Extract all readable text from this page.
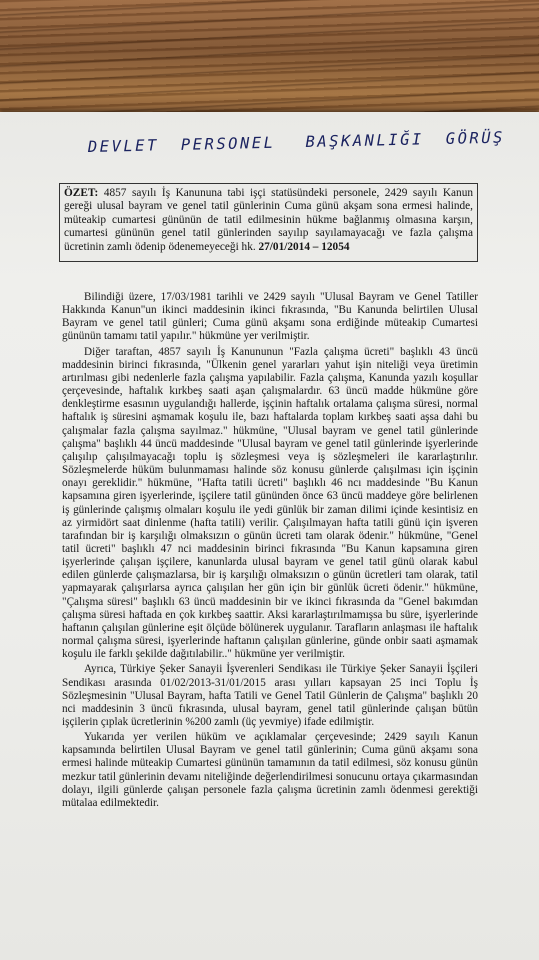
DEVLET PERSONEL BAŞKANLIĞI GÖRÜŞ
ÖZET: 4857 sayılı İş Kanununa tabi işçi statüsündeki personele, 2429 sayılı Kanun gereği ulusal bayram ve genel tatil günlerinin Cuma günü akşam sona ermesi halinde, müteakip cumartesi gününün de tatil edilmesinin hükme bağlanmış olmasına karşın, cumartesi gününün genel tatil günlerinden sayılıp sayılamayacağı ve fazla çalışma ücretinin zamlı ödenip ödenemeyeceği hk. 27/01/2014 – 12054

Bilindiği üzere, 17/03/1981 tarihli ve 2429 sayılı "Ulusal Bayram ve Genel Tatiller Hakkında Kanun"un ikinci maddesinin ikinci fıkrasında, "Bu Kanunda belirtilen Ulusal Bayram ve genel tatil günleri; Cuma günü akşamı sona erdiğinde müteakip Cumartesi gününün tamamı tatil yapılır." hükmüne yer verilmiştir.

Diğer taraftan, 4857 sayılı İş Kanununun "Fazla çalışma ücreti" başlıklı 43 üncü maddesinin birinci fıkrasında, "Ülkenin genel yararları yahut işin niteliği veya üretimin artırılması gibi nedenlerle fazla çalışma yapılabilir. Fazla çalışma, Kanunda yazılı koşullar çerçevesinde, haftalık kırkbeş saati aşan çalışmalardır. 63 üncü madde hükmüne göre denkleştirme esasının uygulandığı hallerde, işçinin haftalık ortalama çalışma süresi, normal haftalık iş süresini aşmamak koşulu ile, bazı haftalarda toplam kırkbeş saati aşsa dahi bu çalışmalar fazla çalışma sayılmaz." hükmüne, "Ulusal bayram ve genel tatil günlerinde çalışma" başlıklı 44 üncü maddesinde "Ulusal bayram ve genel tatil günlerinde işyerlerinde çalışılıp çalışılmayacağı toplu iş sözleşmesi veya iş sözleşmeleri ile kararlaştırılır. Sözleşmelerde hüküm bulunmaması halinde söz konusu günlerde çalışılması için işçinin onayı gereklidir." hükmüne, "Hafta tatili ücreti" başlıklı 46 ncı maddesinde "Bu Kanun kapsamına giren işyerlerinde, işçilere tatil gününden önce 63 üncü maddeye göre belirlenen iş günlerinde çalışmış olmaları koşulu ile yedi günlük bir zaman dilimi içinde kesintisiz en az yirmidört saat dinlenme (hafta tatili) verilir. Çalışılmayan hafta tatili günü için işveren tarafından bir iş karşılığı olmaksızın o günün ücreti tam olarak ödenir." hükmüne, "Genel tatil ücreti" başlıklı 47 nci maddesinin birinci fıkrasında "Bu Kanun kapsamına giren işyerlerinde çalışan işçilere, kanunlarda ulusal bayram ve genel tatil günü olarak kabul edilen günlerde çalışmazlarsa, bir iş karşılığı olmaksızın o günün ücretleri tam olarak, tatil yapmayarak çalışırlarsa ayrıca çalışılan her gün için bir günlük ücreti ödenir." hükmüne, "Çalışma süresi" başlıklı 63 üncü maddesinin bir ve ikinci fıkrasında da "Genel bakımdan çalışma süresi haftada en çok kırkbeş saattir. Aksi kararlaştırılmamışsa bu süre, işyerlerinde haftanın çalışılan günlerine eşit ölçüde bölünerek uygulanır. Tarafların anlaşması ile haftalık normal çalışma süresi, işyerlerinde haftanın çalışılan günlerine, günde onbir saati aşmamak koşulu ile farklı şekilde dağıtılabilir.." hükmüne yer verilmiştir.

Ayrıca, Türkiye Şeker Sanayii İşverenleri Sendikası ile Türkiye Şeker Sanayii İşçileri Sendikası arasında 01/02/2013-31/01/2015 arası yılları kapsayan 25 inci Toplu İş Sözleşmesinin "Ulusal Bayram, hafta Tatili ve Genel Tatil Günlerin de Çalışma" başlıklı 20 nci maddesinin 3 üncü fıkrasında, ulusal bayram, genel tatil günlerinde çalışan bütün işçilerin çıplak ücretlerinin %200 zamlı (üç yevmiye) ifade edilmiştir.

Yukarıda yer verilen hüküm ve açıklamalar çerçevesinde; 2429 sayılı Kanun kapsamında belirtilen Ulusal Bayram ve genel tatil günlerinin; Cuma günü akşamı sona ermesi halinde müteakip Cumartesi gününün tamamının da tatil edilmesi, söz konusu günün mezkur tatil günlerinin devamı niteliğinde değerlendirilmesi sonucunu ortaya çıkarmasından dolayı, ilgili günlerde çalışan personele fazla çalışma ücretinin zamlı ödenmesi gerektiği mütalaa edilmektedir.
